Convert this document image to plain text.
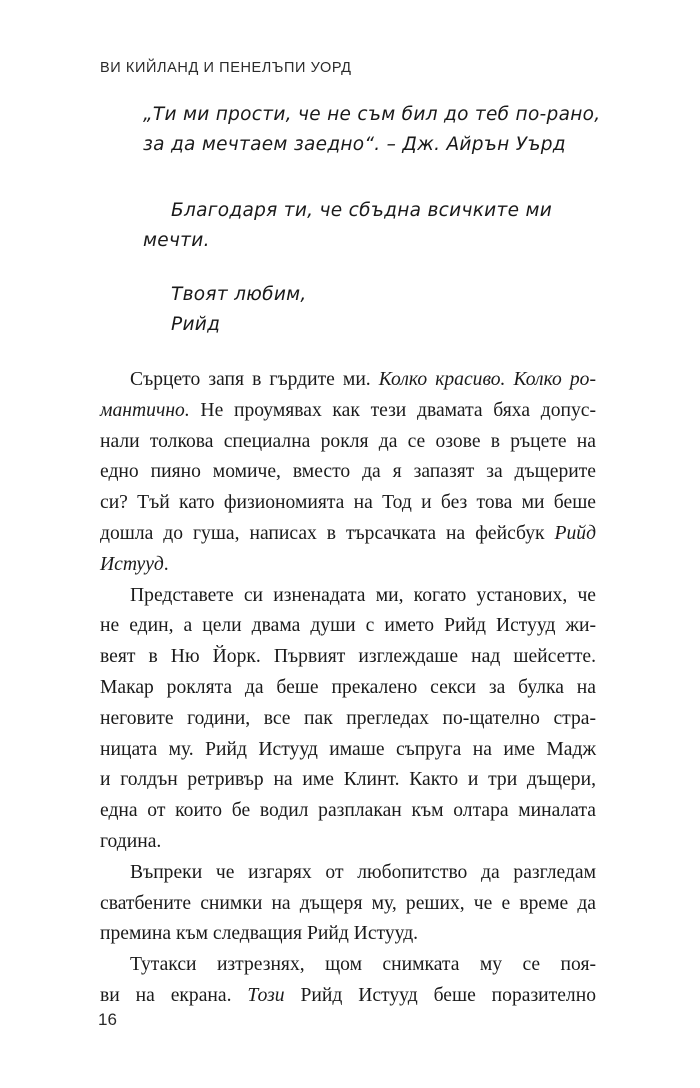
ВИ КИЙЛАНД И ПЕНЕЛЪПИ УОРД
„Ти ми прости, че не съм бил до теб по-рано,
за да мечтаем заедно“. – Дж. Айрън Уърд
Благодаря ти, че сбъдна всичките ми
мечти.
Твоят любим,
Рийд
Сърцето запя в гърдите ми. Колко красиво. Колко ро-
мантично. Не проумявах как тези двамата бяха допус-
нали толкова специална рокля да се озове в ръцете на
едно пияно момиче, вместо да я запазят за дъщерите
си? Тъй като физиономията на Тод и без това ми беше
дошла до гуша, написах в търсачката на фейсбук Рийд
Истууд.
Представете си изненадата ми, когато установих, че
не един, а цели двама души с името Рийд Истууд жи-
веят в Ню Йорк. Първият изглеждаше над шейсетте.
Макар роклята да беше прекалено секси за булка на
неговите години, все пак прегледах по-щателно стра-
ницата му. Рийд Истууд имаше съпруга на име Мадж
и голдън ретривър на име Клинт. Както и три дъщери,
една от които бе водил разплакан към олтара миналата
година.
Въпреки че изгарях от любопитство да разгледам
сватбените снимки на дъщеря му, реших, че е време да
премина към следващия Рийд Истууд.
Тутакси изтрезнях, щом снимката му се поя-
ви на екрана. Този Рийд Истууд беше поразително
16
